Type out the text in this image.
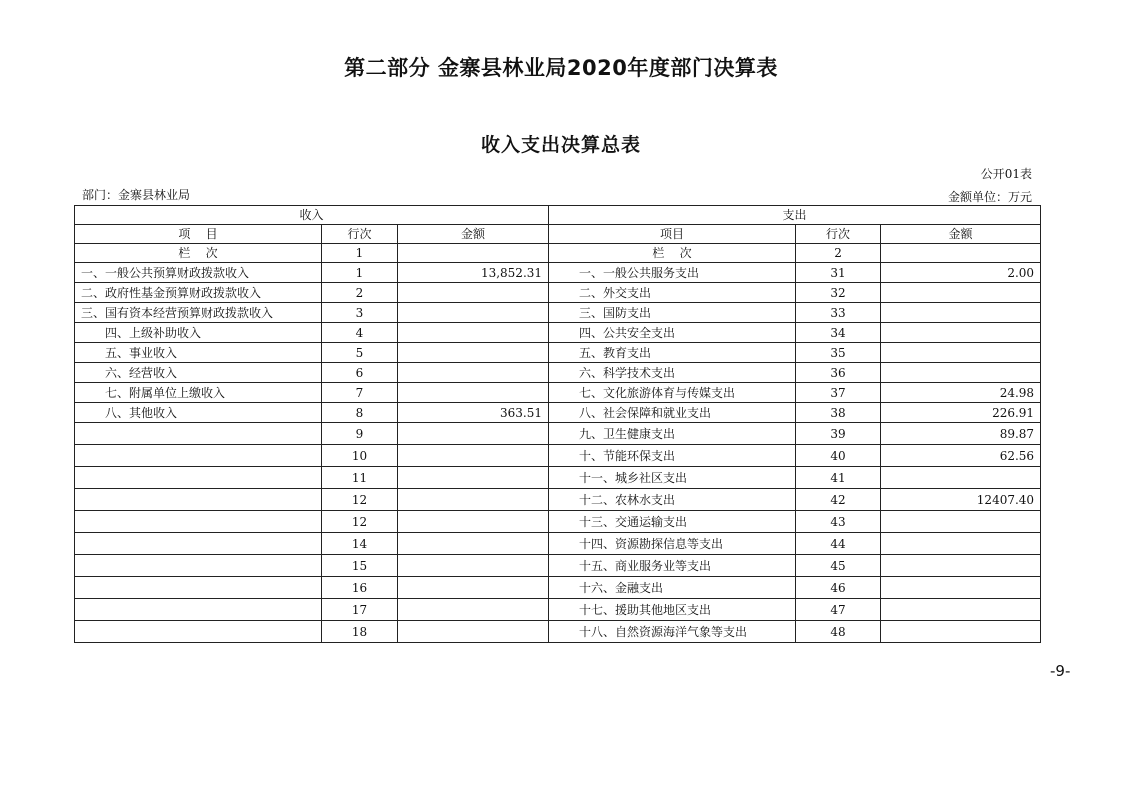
第二部分 金寨县林业局2020年度部门决算表
收入支出决算总表
公开01表
部门：金寨县林业局	金额单位：万元
收入			支出		
项    目	行次	金额	项目	行次	金额
栏    次	1		栏    次	2	
一、一般公共预算财政拨款收入	1	13,852.31	一、一般公共服务支出	31	2.00
二、政府性基金预算财政拨款收入	2		二、外交支出	32	
三、国有资本经营预算财政拨款收入	3		三、国防支出	33	
四、上级补助收入	4		四、公共安全支出	34	
五、事业收入	5		五、教育支出	35	
六、经营收入	6		六、科学技术支出	36	
七、附属单位上缴收入	7		七、文化旅游体育与传媒支出	37	24.98
八、其他收入	8	363.51	八、社会保障和就业支出	38	226.91
	9		九、卫生健康支出	39	89.87
	10		十、节能环保支出	40	62.56
	11		十一、城乡社区支出	41	
	12		十二、农林水支出	42	12407.40
	12		十三、交通运输支出	43	
	14		十四、资源勘探信息等支出	44	
	15		十五、商业服务业等支出	45	
	16		十六、金融支出	46	
	17		十七、援助其他地区支出	47	
	18		十八、自然资源海洋气象等支出	48	
-9-
